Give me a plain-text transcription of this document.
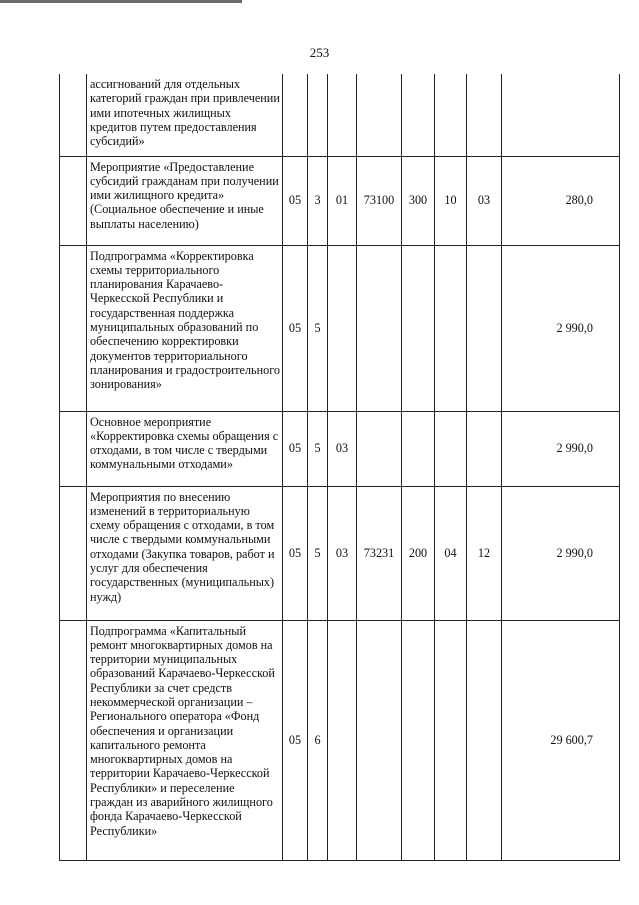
253
	ассигнований для отдельных категорий граждан при привлечении ими ипотечных жилищных кредитов путем предоставления субсидий»								
	Мероприятие «Предоставление субсидий гражданам при получении ими жилищного кредита» (Социальное обеспечение и иные выплаты населению)	05	3	01	73100	300	10	03	280,0
	Подпрограмма «Корректировка схемы территориального планирования Карачаево-Черкесской Республики и государственная поддержка муниципальных образований по обеспечению корректировки документов территориального планирования и градостроительного зонирования»	05	5						2 990,0
	Основное мероприятие «Корректировка схемы обращения с отходами, в том числе с твердыми коммунальными отходами»	05	5	03					2 990,0
	Мероприятия по внесению изменений в территориальную схему обращения с отходами, в том числе с твердыми коммунальными отходами (Закупка товаров, работ и услуг для обеспечения государственных (муниципальных) нужд)	05	5	03	73231	200	04	12	2 990,0
	Подпрограмма «Капитальный ремонт многоквартирных домов на территории муниципальных образований Карачаево-Черкесской Республики за счет средств некоммерческой организации – Регионального оператора «Фонд обеспечения и организации капитального ремонта многоквартирных домов на территории Карачаево-Черкесской Республики» и переселение граждан из аварийного жилищного фонда Карачаево-Черкесской Республики»	05	6						29 600,7
